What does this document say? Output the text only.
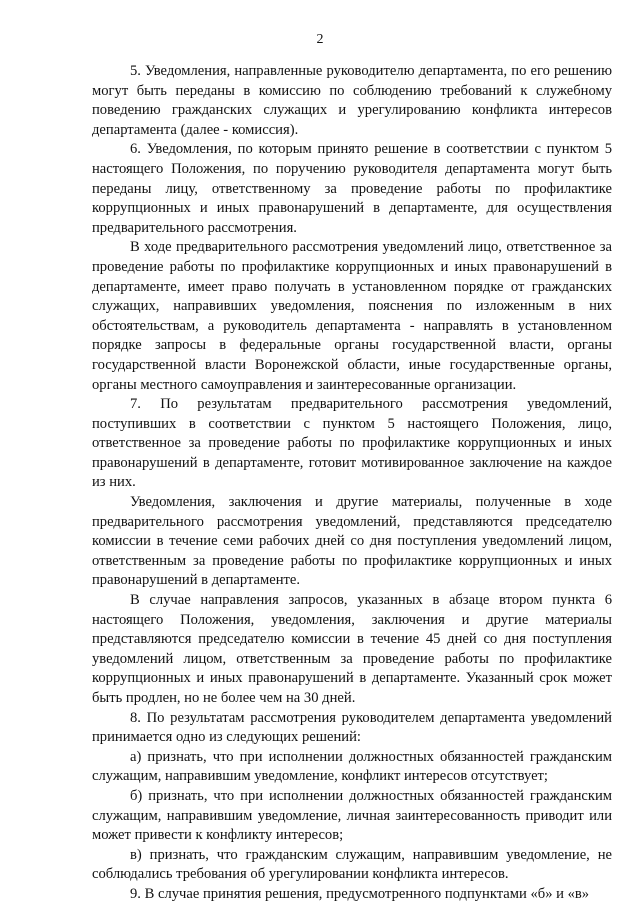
2

5. Уведомления, направленные руководителю департамента, по его решению могут быть переданы в комиссию по соблюдению требований к служебному поведению гражданских служащих и урегулированию конфликта интересов департамента (далее - комиссия).

6. Уведомления, по которым принято решение в соответствии с пунктом 5 настоящего Положения, по поручению руководителя департамента могут быть переданы лицу, ответственному за проведение работы по профилактике коррупционных и иных правонарушений в департаменте, для осуществления предварительного рассмотрения.

В ходе предварительного рассмотрения уведомлений лицо, ответственное за проведение работы по профилактике коррупционных и иных правонарушений в департаменте, имеет право получать в установленном порядке от гражданских служащих, направивших уведомления, пояснения по изложенным в них обстоятельствам, а руководитель департамента - направлять в установленном порядке запросы в федеральные органы государственной власти, органы государственной власти Воронежской области, иные государственные органы, органы местного самоуправления и заинтересованные организации.

7. По результатам предварительного рассмотрения уведомлений, поступивших в соответствии с пунктом 5 настоящего Положения, лицо, ответственное за проведение работы по профилактике коррупционных и иных правонарушений в департаменте, готовит мотивированное заключение на каждое из них.

Уведомления, заключения и другие материалы, полученные в ходе предварительного рассмотрения уведомлений, представляются председателю комиссии в течение семи рабочих дней со дня поступления уведомлений лицом, ответственным за проведение работы по профилактике коррупционных и иных правонарушений в департаменте.

В случае направления запросов, указанных в абзаце втором пункта 6 настоящего Положения, уведомления, заключения и другие материалы представляются председателю комиссии в течение 45 дней со дня поступления уведомлений лицом, ответственным за проведение работы по профилактике коррупционных и иных правонарушений в департаменте. Указанный срок может быть продлен, но не более чем на 30 дней.

8. По результатам рассмотрения руководителем департамента уведомлений принимается одно из следующих решений:

а) признать, что при исполнении должностных обязанностей гражданским служащим, направившим уведомление, конфликт интересов отсутствует;

б) признать, что при исполнении должностных обязанностей гражданским служащим, направившим уведомление, личная заинтересованность приводит или может привести к конфликту интересов;

в) признать, что гражданским служащим, направившим уведомление, не соблюдались требования об урегулировании конфликта интересов.

9. В случае принятия решения, предусмотренного подпунктами «б» и «в»
